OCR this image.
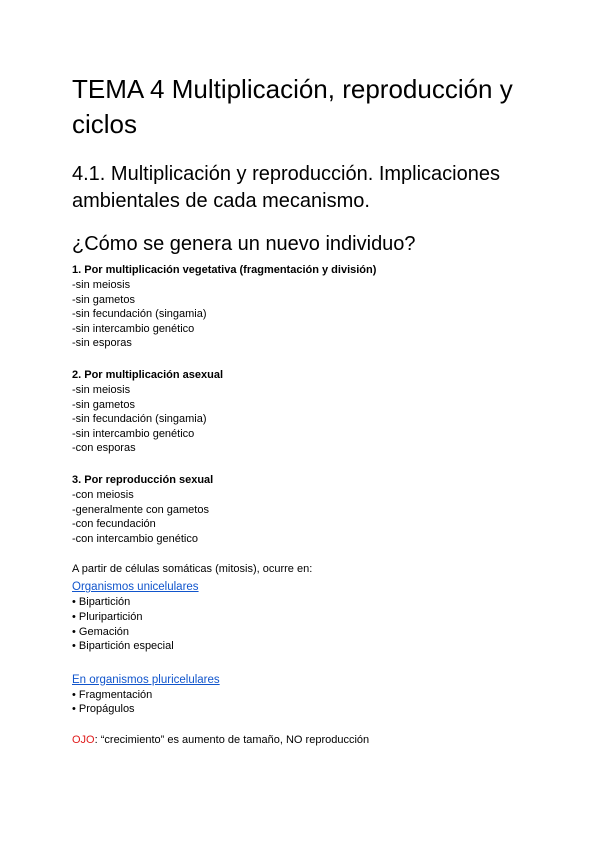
TEMA 4 Multiplicación, reproducción y ciclos
4.1. Multiplicación y reproducción. Implicaciones ambientales de cada mecanismo.
¿Cómo se genera un nuevo individuo?
1. Por multiplicación vegetativa (fragmentación y división)
-sin meiosis
-sin gametos
-sin fecundación (singamia)
-sin intercambio genético
-sin esporas
2. Por multiplicación asexual
-sin meiosis
-sin gametos
-sin fecundación (singamia)
-sin intercambio genético
-con esporas
3. Por reproducción sexual
-con meiosis
-generalmente con gametos
-con fecundación
-con intercambio genético
A partir de células somáticas (mitosis), ocurre en:
Organismos unicelulares
• Bipartición
• Pluripartición
• Gemación
• Bipartición especial
En organismos pluricelulares
• Fragmentación
• Propágulos
OJO: “crecimiento” es aumento de tamaño, NO reproducción
